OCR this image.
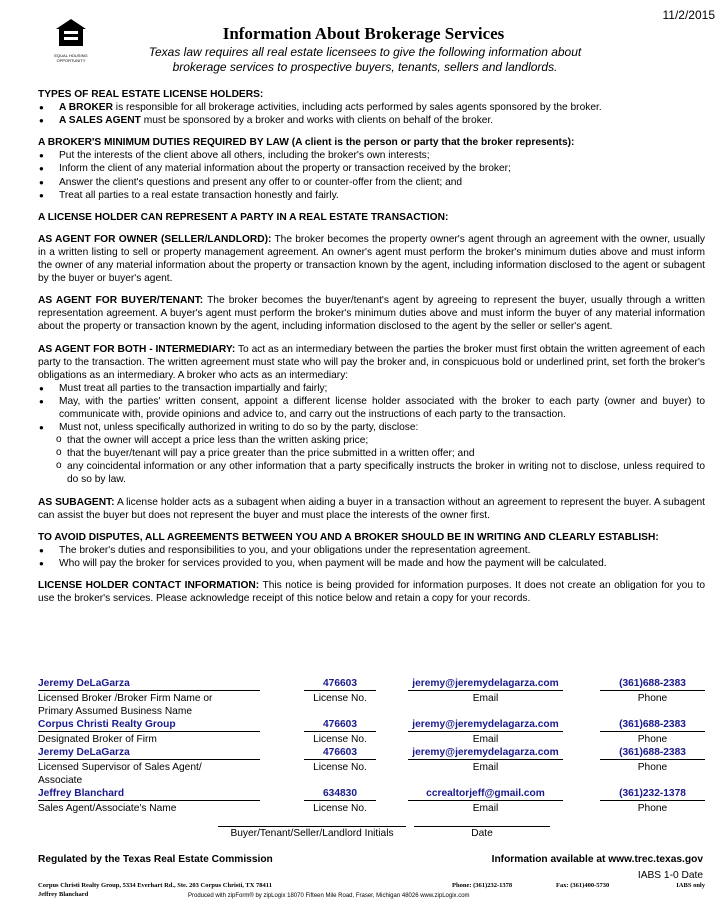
11/2/2015
EQUAL HOUSING OPPORTUNITY
Information About Brokerage Services
Texas law requires all real estate licensees to give the following information about
brokerage services to prospective buyers, tenants, sellers and landlords.
TYPES OF REAL ESTATE LICENSE HOLDERS:
● A BROKER is responsible for all brokerage activities, including acts performed by sales agents sponsored by the broker.
● A SALES AGENT must be sponsored by a broker and works with clients on behalf of the broker.
A BROKER'S MINIMUM DUTIES REQUIRED BY LAW (A client is the person or party that the broker represents):
● Put the interests of the client above all others, including the broker's own interests;
● Inform the client of any material information about the property or transaction received by the broker;
● Answer the client's questions and present any offer to or counter-offer from the client; and
● Treat all parties to a real estate transaction honestly and fairly.
A LICENSE HOLDER CAN REPRESENT A PARTY IN A REAL ESTATE TRANSACTION:

AS AGENT FOR OWNER (SELLER/LANDLORD): The broker becomes the property owner's agent through an agreement with the owner, usually in a written listing to sell or property management agreement. An owner's agent must perform the broker's minimum duties above and must inform the owner of any material information about the property or transaction known by the agent, including information disclosed to the agent or subagent by the buyer or buyer's agent.

AS AGENT FOR BUYER/TENANT: The broker becomes the buyer/tenant's agent by agreeing to represent the buyer, usually through a written representation agreement. A buyer's agent must perform the broker's minimum duties above and must inform the buyer of any material information about the property or transaction known by the agent, including information disclosed to the agent by the seller or seller's agent.

AS AGENT FOR BOTH - INTERMEDIARY: To act as an intermediary between the parties the broker must first obtain the written agreement of each party to the transaction. The written agreement must state who will pay the broker and, in conspicuous bold or underlined print, set forth the broker's obligations as an intermediary. A broker who acts as an intermediary:

● Must treat all parties to the transaction impartially and fairly;
● May, with the parties' written consent, appoint a different license holder associated with the broker to each party (owner and buyer) to communicate with, provide opinions and advice to, and carry out the instructions of each party to the transaction.
● Must not, unless specifically authorized in writing to do so by the party, disclose:
o that the owner will accept a price less than the written asking price;
o that the buyer/tenant will pay a price greater than the price submitted in a written offer; and
o any coincidental information or any other information that a party specifically instructs the broker in writing not to disclose, unless required to do so by law.

AS SUBAGENT: A license holder acts as a subagent when aiding a buyer in a transaction without an agreement to represent the buyer. A subagent can assist the buyer but does not represent the buyer and must place the interests of the owner first.

TO AVOID DISPUTES, ALL AGREEMENTS BETWEEN YOU AND A BROKER SHOULD BE IN WRITING AND CLEARLY ESTABLISH:
● The broker's duties and responsibilities to you, and your obligations under the representation agreement.
● Who will pay the broker for services provided to you, when payment will be made and how the payment will be calculated.

LICENSE HOLDER CONTACT INFORMATION: This notice is being provided for information purposes. It does not create an obligation for you to use the broker's services. Please acknowledge receipt of this notice below and retain a copy for your records.

Jeremy DeLaGarza	476603	jeremy@jeremydelagarza.com	(361)688-2383
Licensed Broker /Broker Firm Name or
Primary Assumed Business Name
License No.	Email	Phone
Corpus Christi Realty Group	476603	jeremy@jeremydelagarza.com	(361)688-2383
Designated Broker of Firm	License No.	Email	Phone
Jeremy DeLaGarza	476603	jeremy@jeremydelagarza.com	(361)688-2383
Licensed Supervisor of Sales Agent/
Associate
License No.	Email	Phone
Jeffrey Blanchard	634830	ccrealtorjeff@gmail.com	(361)232-1378
Sales Agent/Associate's Name	License No.	Email	Phone
Buyer/Tenant/Seller/Landlord Initials	Date
Regulated by the Texas Real Estate Commission	Information available at www.trec.texas.gov
IABS 1-0 Date
Corpus Christi Realty Group, 5334 Everhart Rd., Ste. 203 Corpus Christi, TX 78411
Jeffrey Blanchard	Produced with zipForm® by zipLogix 18070 Fifteen Mile Road, Fraser, Michigan 48026 www.zipLogix.com
Phone: (361)232-1378	Fax: (361)400-5730	IABS only
